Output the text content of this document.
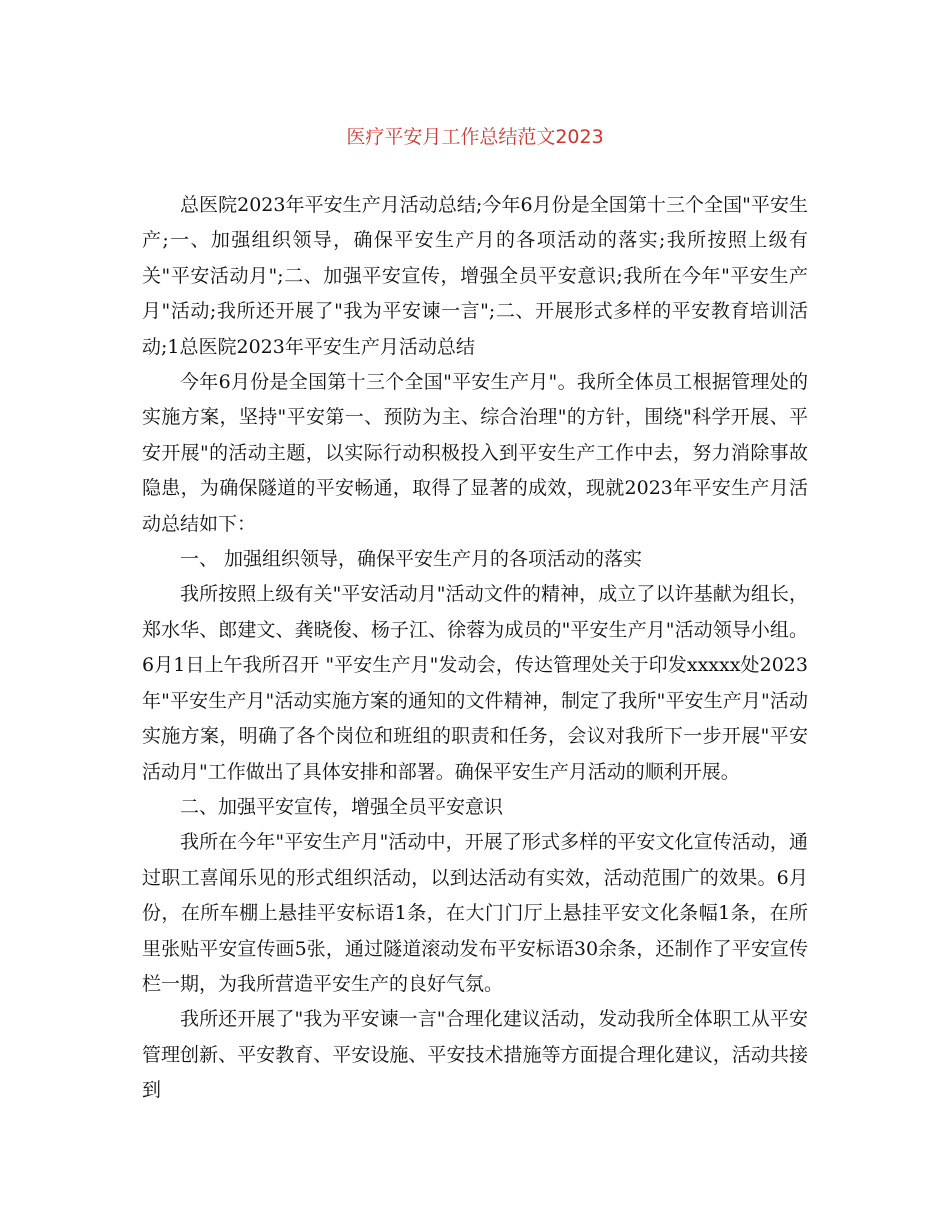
医疗平安月工作总结范文2023

总医院2023年平安生产月活动总结;今年6月份是全国第十三个全国"平安生产;一、加强组织领导，确保平安生产月的各项活动的落实;我所按照上级有关"平安活动月";二、加强平安宣传，增强全员平安意识;我所在今年"平安生产月"活动;我所还开展了"我为平安谏一言";二、开展形式多样的平安教育培训活动;1总医院2023年平安生产月活动总结

今年6月份是全国第十三个全国"平安生产月"。我所全体员工根据管理处的实施方案，坚持"平安第一、预防为主、综合治理"的方针，围绕"科学开展、平安开展"的活动主题，以实际行动积极投入到平安生产工作中去，努力消除事故隐患，为确保隧道的平安畅通，取得了显著的成效，现就2023年平安生产月活动总结如下：

一、 加强组织领导，确保平安生产月的各项活动的落实

我所按照上级有关"平安活动月"活动文件的精神，成立了以许基献为组长，郑水华、郎建文、龚晓俊、杨子江、徐蓉为成员的"平安生产月"活动领导小组。6月1日上午我所召开 "平安生产月"发动会，传达管理处关于印发xxxxx处2023年"平安生产月"活动实施方案的通知的文件精神，制定了我所"平安生产月"活动实施方案，明确了各个岗位和班组的职责和任务，会议对我所下一步开展"平安活动月"工作做出了具体安排和部署。确保平安生产月活动的顺利开展。

二、加强平安宣传，增强全员平安意识

我所在今年"平安生产月"活动中，开展了形式多样的平安文化宣传活动，通过职工喜闻乐见的形式组织活动，以到达活动有实效，活动范围广的效果。6月份，在所车棚上悬挂平安标语1条，在大门门厅上悬挂平安文化条幅1条，在所里张贴平安宣传画5张，通过隧道滚动发布平安标语30余条，还制作了平安宣传栏一期，为我所营造平安生产的良好气氛。

我所还开展了"我为平安谏一言"合理化建议活动，发动我所全体职工从平安管理创新、平安教育、平安设施、平安技术措施等方面提合理化建议，活动共接到
